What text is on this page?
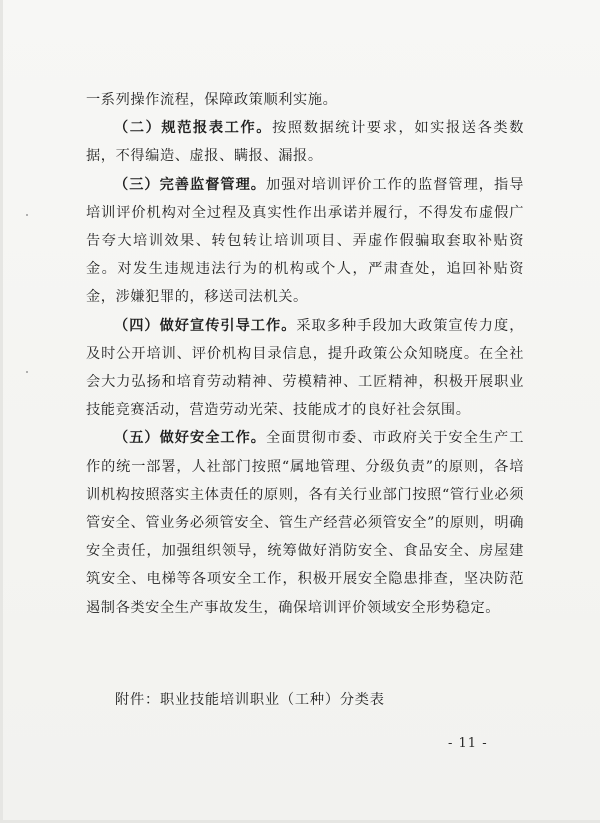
一系列操作流程，保障政策顺利实施。

（二）规范报表工作。按照数据统计要求，如实报送各类数据，不得编造、虚报、瞒报、漏报。

（三）完善监督管理。加强对培训评价工作的监督管理，指导培训评价机构对全过程及真实性作出承诺并履行，不得发布虚假广告夸大培训效果、转包转让培训项目、弄虚作假骗取套取补贴资金。对发生违规违法行为的机构或个人，严肃查处，追回补贴资金，涉嫌犯罪的，移送司法机关。

（四）做好宣传引导工作。采取多种手段加大政策宣传力度，及时公开培训、评价机构目录信息，提升政策公众知晓度。在全社会大力弘扬和培育劳动精神、劳模精神、工匠精神，积极开展职业技能竞赛活动，营造劳动光荣、技能成才的良好社会氛围。

（五）做好安全工作。全面贯彻市委、市政府关于安全生产工作的统一部署，人社部门按照“属地管理、分级负责”的原则，各培训机构按照落实主体责任的原则，各有关行业部门按照“管行业必须管安全、管业务必须管安全、管生产经营必须管安全”的原则，明确安全责任，加强组织领导，统筹做好消防安全、食品安全、房屋建筑安全、电梯等各项安全工作，积极开展安全隐患排查，坚决防范遏制各类安全生产事故发生，确保培训评价领域安全形势稳定。

附件：职业技能培训职业（工种）分类表
- 11 -
